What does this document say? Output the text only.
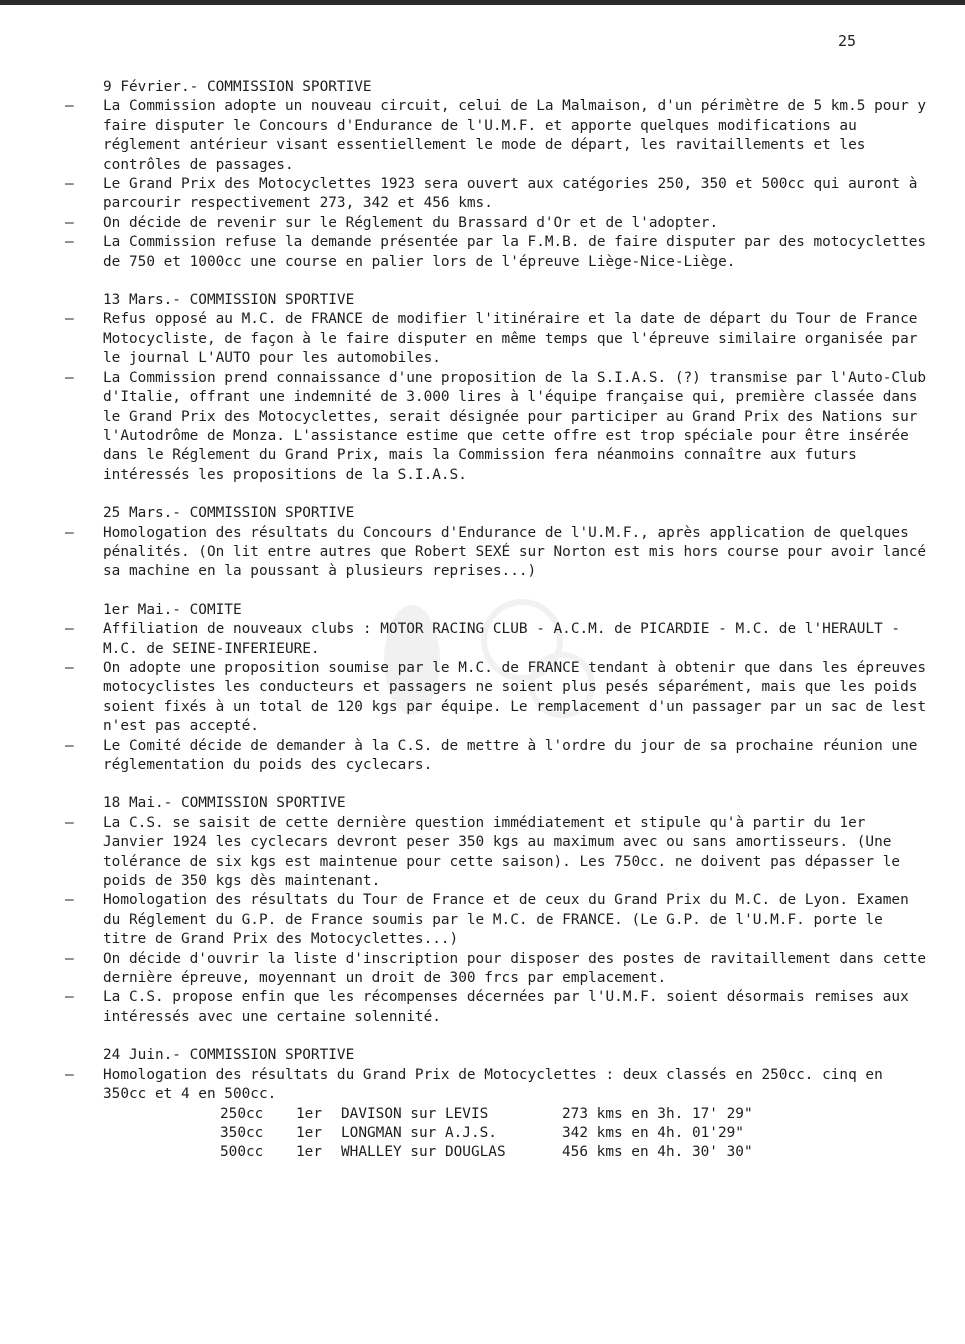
25
9 Février.- COMMISSION SPORTIVE
– La Commission adopte un nouveau circuit, celui de La Malmaison, d'un périmètre de 5 km.5 pour y faire disputer le Concours d'Endurance de l'U.M.F. et apporte quelques modifications au réglement antérieur visant essentiellement le mode de départ, les ravitaillements et les contrôles de passages.
– Le Grand Prix des Motocyclettes 1923 sera ouvert aux catégories 250, 350 et 500cc qui auront à parcourir respectivement 273, 342 et 456 kms.
– On décide de revenir sur le Réglement du Brassard d'Or et de l'adopter.
– La Commission refuse la demande présentée par la F.M.B. de faire disputer par des motocyclettes de 750 et 1000cc une course en palier lors de l'épreuve Liège-Nice-Liège.
13 Mars.- COMMISSION SPORTIVE
– Refus opposé au M.C. de FRANCE de modifier l'itinéraire et la date de départ du Tour de France Motocycliste, de façon à le faire disputer en même temps que l'épreuve similaire organisée par le journal L'AUTO pour les automobiles.
– La Commission prend connaissance d'une proposition de la S.I.A.S. (?) transmise par l'Auto-Club d'Italie, offrant une indemnité de 3.000 lires à l'équipe française qui, première classée dans le Grand Prix des Motocyclettes, serait désignée pour participer au Grand Prix des Nations sur l'Autodrôme de Monza. L'assistance estime que cette offre est trop spéciale pour être insérée dans le Réglement du Grand Prix, mais la Commission fera néanmoins connaître aux futurs intéressés les propositions de la S.I.A.S.
25 Mars.- COMMISSION SPORTIVE
– Homologation des résultats du Concours d'Endurance de l'U.M.F., après application de quelques pénalités. (On lit entre autres que Robert SEXÉ sur Norton est mis hors course pour avoir lancé sa machine en la poussant à plusieurs reprises...)
1er Mai.- COMITE
– Affiliation de nouveaux clubs : MOTOR RACING CLUB - A.C.M. de PICARDIE - M.C. de l'HERAULT - M.C. de SEINE-INFERIEURE.
– On adopte une proposition soumise par le M.C. de FRANCE tendant à obtenir que dans les épreuves motocyclistes les conducteurs et passagers ne soient plus pesés séparément, mais que les poids soient fixés à un total de 120 kgs par équipe. Le remplacement d'un passager par un sac de lest n'est pas accepté.
– Le Comité décide de demander à la C.S. de mettre à l'ordre du jour de sa prochaine réunion une réglementation du poids des cyclecars.
18 Mai.- COMMISSION SPORTIVE
– La C.S. se saisit de cette dernière question immédiatement et stipule qu'à partir du 1er Janvier 1924 les cyclecars devront peser 350 kgs au maximum avec ou sans amortisseurs. (Une tolérance de six kgs est maintenue pour cette saison). Les 750cc. ne doivent pas dépasser le poids de 350 kgs dès maintenant.
– Homologation des résultats du Tour de France et de ceux du Grand Prix du M.C. de Lyon. Examen du Réglement du G.P. de France soumis par le M.C. de FRANCE. (Le G.P. de l'U.M.F. porte le titre de Grand Prix des Motocyclettes...)
– On décide d'ouvrir la liste d'inscription pour disposer des postes de ravitaillement dans cette dernière épreuve, moyennant un droit de 300 frcs par emplacement.
– La C.S. propose enfin que les récompenses décernées par l'U.M.F. soient désormais remises aux intéressés avec une certaine solennité.
24 Juin.- COMMISSION SPORTIVE
– Homologation des résultats du Grand Prix de Motocyclettes : deux classés en 250cc. cinq en 350cc et 4 en 500cc.
250cc	1er	DAVISON sur LEVIS	273 kms en 3h. 17' 29"
350cc	1er	LONGMAN sur A.J.S.	342 kms en 4h. 01'29"
500cc	1er	WHALLEY sur DOUGLAS	456 kms en 4h. 30' 30"
